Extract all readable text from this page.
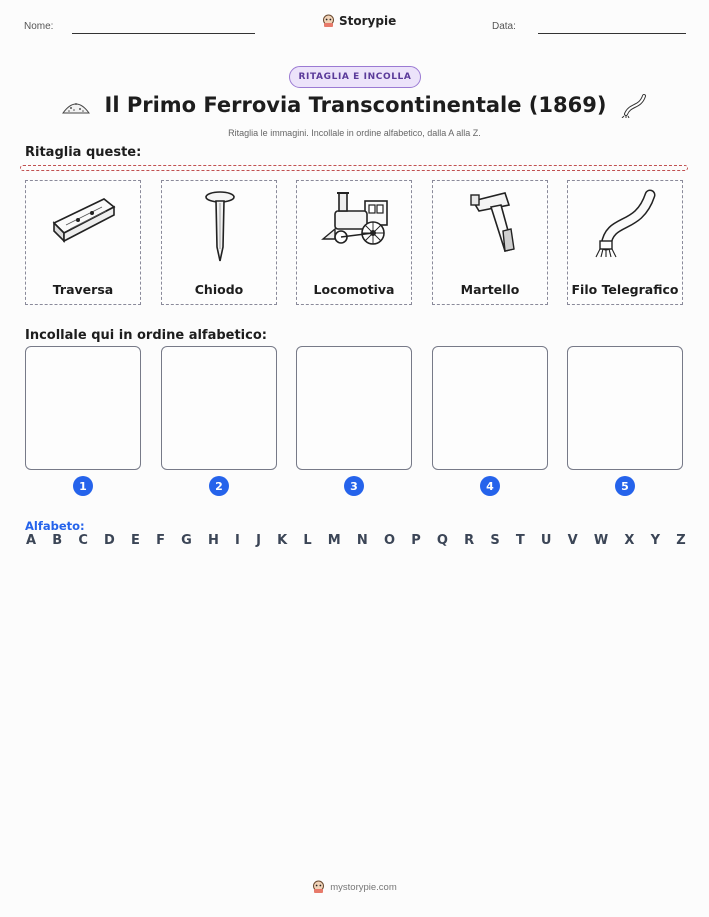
Nome:	Storypie	Data:
RITAGLIA E INCOLLA
Il Primo Ferrovia Transcontinentale (1869)
Ritaglia le immagini. Incollale in ordine alfabetico, dalla A alla Z.
Ritaglia queste:
Traversa	Chiodo	Locomotiva	Martello	Filo Telegrafico
Incollale qui in ordine alfabetico:
1	2	3	4	5
Alfabeto:
A B C D E F G H I J K L M N O P Q R S T U V W X Y Z
mystorypie.com
